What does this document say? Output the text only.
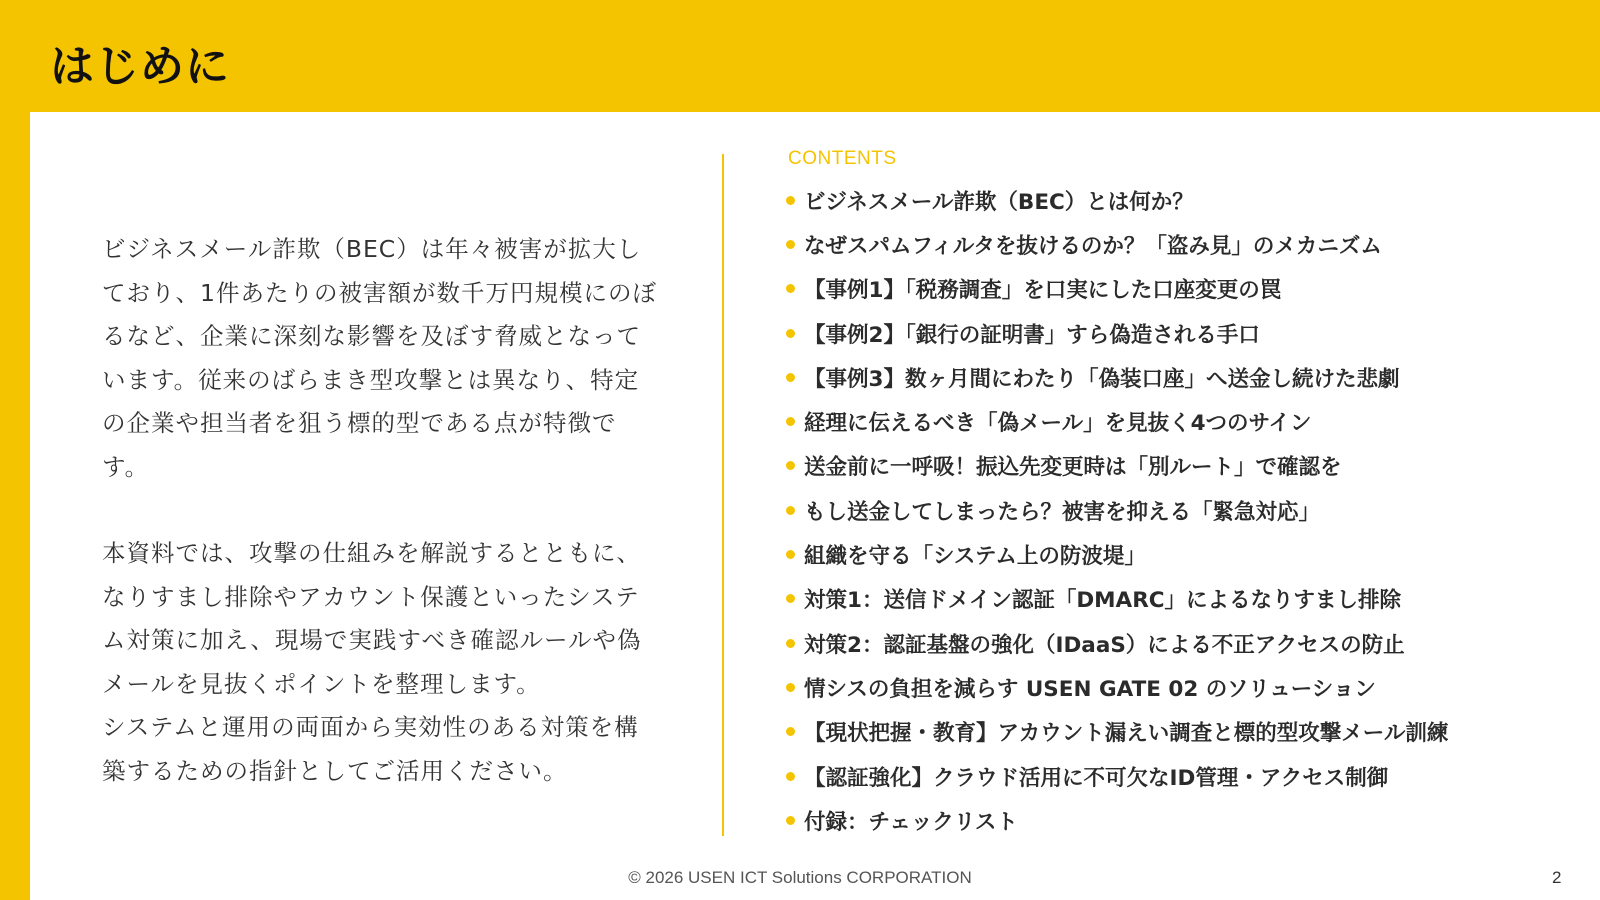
はじめに

ビジネスメール詐欺（BEC）は年々被害が拡大しており、1件あたりの被害額が数千万円規模にのぼるなど、企業に深刻な影響を及ぼす脅威となっています。従来のばらまき型攻撃とは異なり、特定の企業や担当者を狙う標的型である点が特徴です。

本資料では、攻撃の仕組みを解説するとともに、なりすまし排除やアカウント保護といったシステム対策に加え、現場で実践すべき確認ルールや偽メールを見抜くポイントを整理します。

システムと運用の両面から実効性のある対策を構築するための指針としてご活用ください。

CONTENTS
ビジネスメール詐欺（BEC）とは何か？
なぜスパムフィルタを抜けるのか？「盗み見」のメカニズム
【事例1】「税務調査」を口実にした口座変更の罠
【事例2】「銀行の証明書」すら偽造される手口
【事例3】数ヶ月間にわたり「偽装口座」へ送金し続けた悲劇
経理に伝えるべき「偽メール」を見抜く4つのサイン
送金前に一呼吸！振込先変更時は「別ルート」で確認を
もし送金してしまったら？被害を抑える「緊急対応」
組織を守る「システム上の防波堤」
対策1：送信ドメイン認証「DMARC」によるなりすまし排除
対策2：認証基盤の強化（IDaaS）による不正アクセスの防止
情シスの負担を減らす USEN GATE 02 のソリューション
【現状把握・教育】アカウント漏えい調査と標的型攻撃メール訓練
【認証強化】クラウド活用に不可欠なID管理・アクセス制御
付録：チェックリスト
© 2026 USEN ICT Solutions CORPORATION	2
